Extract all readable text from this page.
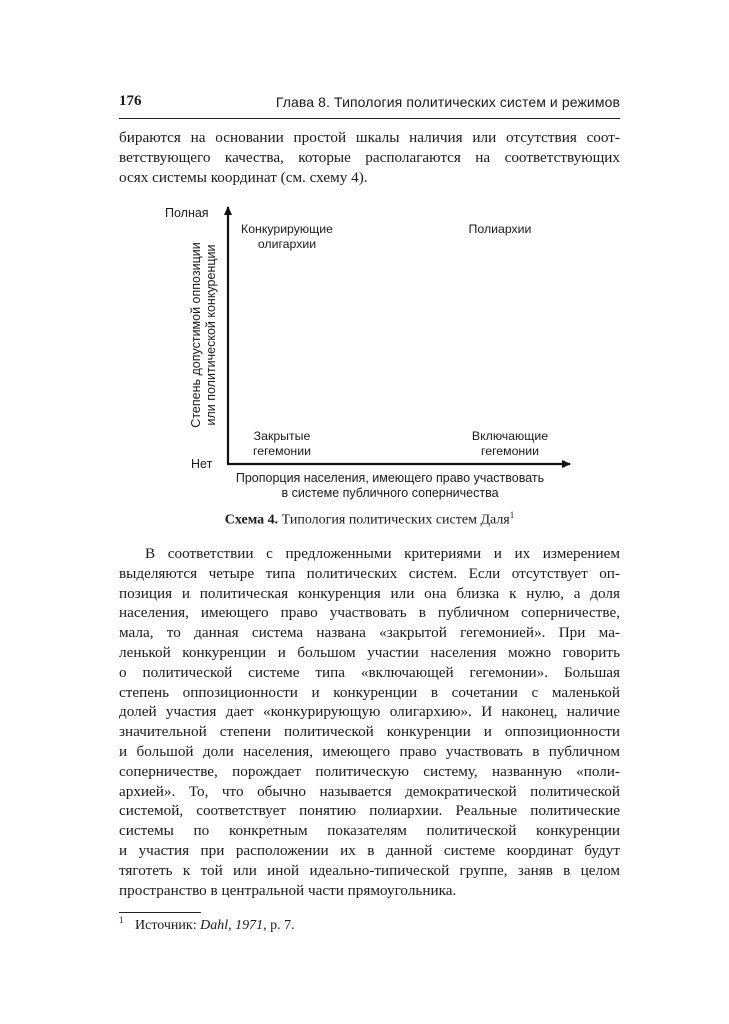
176	Глава 8. Типология политических систем и режимов
бираются на основании простой шкалы наличия или отсутствия соот-
ветствующего качества, которые располагаются на соответствующих
осях системы координат (см. схему 4).
Полная
Нет
Степень допустимой оппозиции или политической конкуренции
Конкурирующие
олигархии
Полиархии
Закрытые
гегемонии
Включающие
гегемонии
Пропорция населения, имеющего право участвовать
в системе публичного соперничества
Схема 4. Типология политических систем Даля$^1$
В соответствии с предложенными критериями и их измерением
выделяются четыре типа политических систем. Если отсутствует оп-
позиция и политическая конкуренция или она близка к нулю, а доля
населения, имеющего право участвовать в публичном соперничестве,
мала, то данная система названа «закрытой гегемонией». При ма-
ленькой конкуренции и большом участии населения можно говорить
о политической системе типа «включающей гегемонии». Большая
степень оппозиционности и конкуренции в сочетании с маленькой
долей участия дает «конкурирующую олигархию». И наконец, наличие
значительной степени политической конкуренции и оппозиционности
и большой доли населения, имеющего право участвовать в публичном
соперничестве, порождает политическую систему, названную «поли-
архией». То, что обычно называется демократической политической
системой, соответствует понятию полиархии. Реальные политические
системы по конкретным показателям политической конкуренции
и участия при расположении их в данной системе координат будут
тяготеть к той или иной идеально-типической группе, заняв в целом
пространство в центральной части прямоугольника.
1 Источник: Dahl, 1971, p. 7.
